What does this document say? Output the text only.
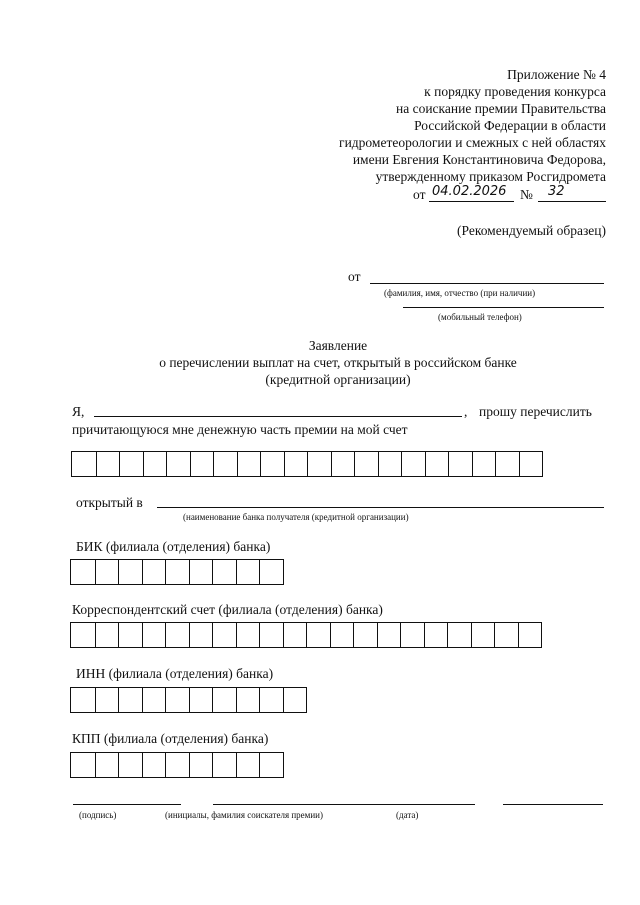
Приложение № 4
к порядку проведения конкурса
на соискание премии Правительства
Российской Федерации в области
гидрометеорологии и смежных с ней областях
имени Евгения Константиновича Федорова,
утвержденному приказом Росгидромета
от 04.02.2026 № 32
(Рекомендуемый образец)
от
(фамилия, имя, отчество (при наличии)
(мобильный телефон)
Заявление
о перечислении выплат на счет, открытый в российском банке
(кредитной организации)
Я,	, прошу перечислить
причитающуюся мне денежную часть премии на мой счет
открытый в
(наименование банка получателя (кредитной организации)
БИК (филиала (отделения) банка)
Корреспондентский счет (филиала (отделения) банка)
ИНН (филиала (отделения) банка)
КПП (филиала (отделения) банка)
(подпись)	(инициалы, фамилия соискателя премии)	(дата)
